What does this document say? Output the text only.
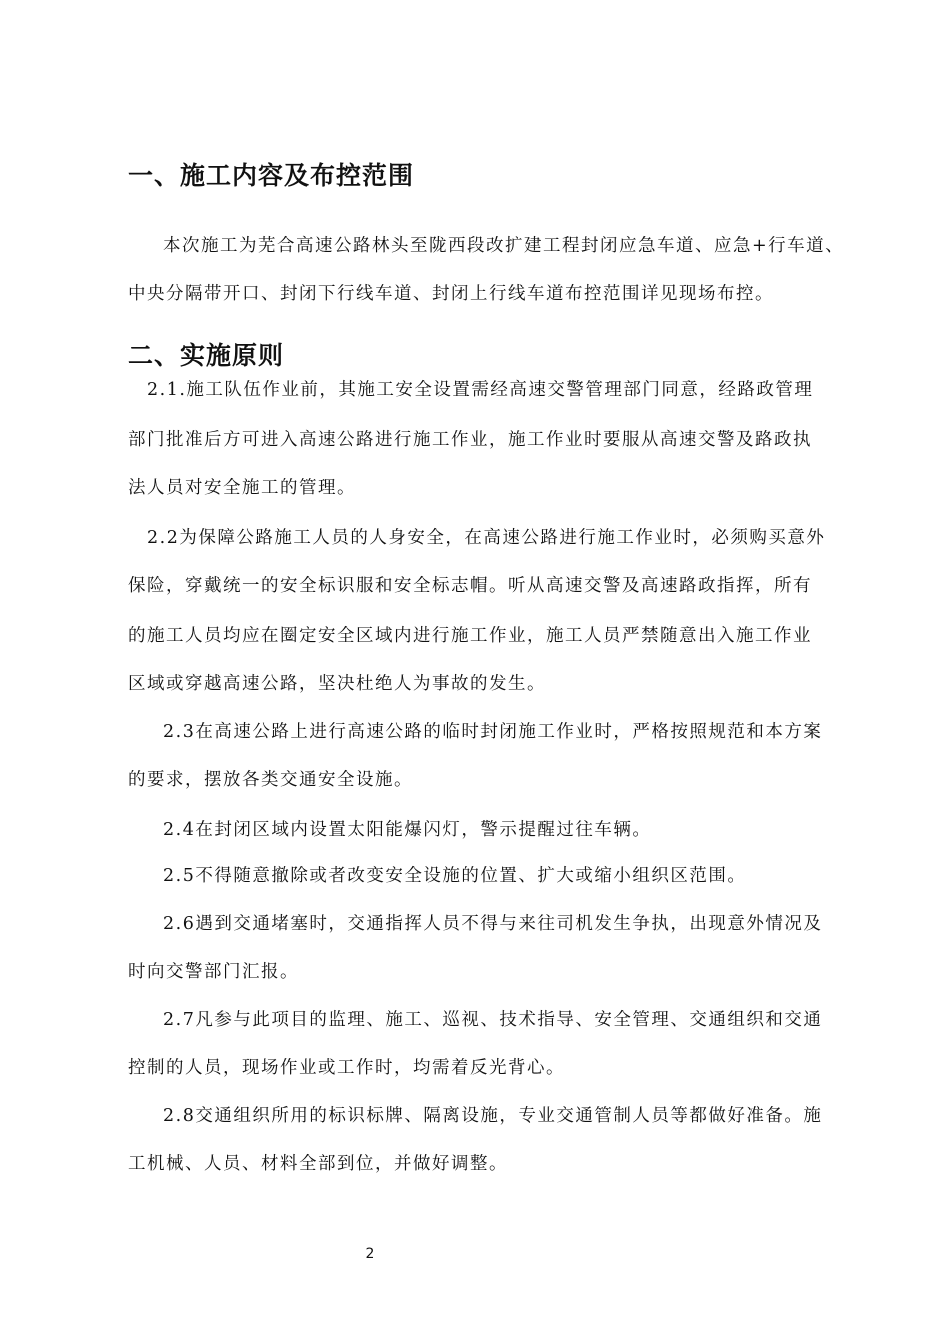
一、施工内容及布控范围
本次施工为芜合高速公路林头至陇西段改扩建工程封闭应急车道、应急+行车道、
中央分隔带开口、封闭下行线车道、封闭上行线车道布控范围详见现场布控。
二、实施原则
2.1.施工队伍作业前，其施工安全设置需经高速交警管理部门同意，经路政管理
部门批准后方可进入高速公路进行施工作业，施工作业时要服从高速交警及路政执
法人员对安全施工的管理。
2.2为保障公路施工人员的人身安全，在高速公路进行施工作业时，必须购买意外
保险，穿戴统一的安全标识服和安全标志帽。听从高速交警及高速路政指挥，所有
的施工人员均应在圈定安全区域内进行施工作业，施工人员严禁随意出入施工作业
区域或穿越高速公路，坚决杜绝人为事故的发生。
2.3在高速公路上进行高速公路的临时封闭施工作业时，严格按照规范和本方案
的要求，摆放各类交通安全设施。
2.4在封闭区域内设置太阳能爆闪灯，警示提醒过往车辆。
2.5不得随意撤除或者改变安全设施的位置、扩大或缩小组织区范围。
2.6遇到交通堵塞时，交通指挥人员不得与来往司机发生争执，出现意外情况及
时向交警部门汇报。
2.7凡参与此项目的监理、施工、巡视、技术指导、安全管理、交通组织和交通
控制的人员，现场作业或工作时，均需着反光背心。
2.8交通组织所用的标识标牌、隔离设施，专业交通管制人员等都做好准备。施
工机械、人员、材料全部到位，并做好调整。
2
